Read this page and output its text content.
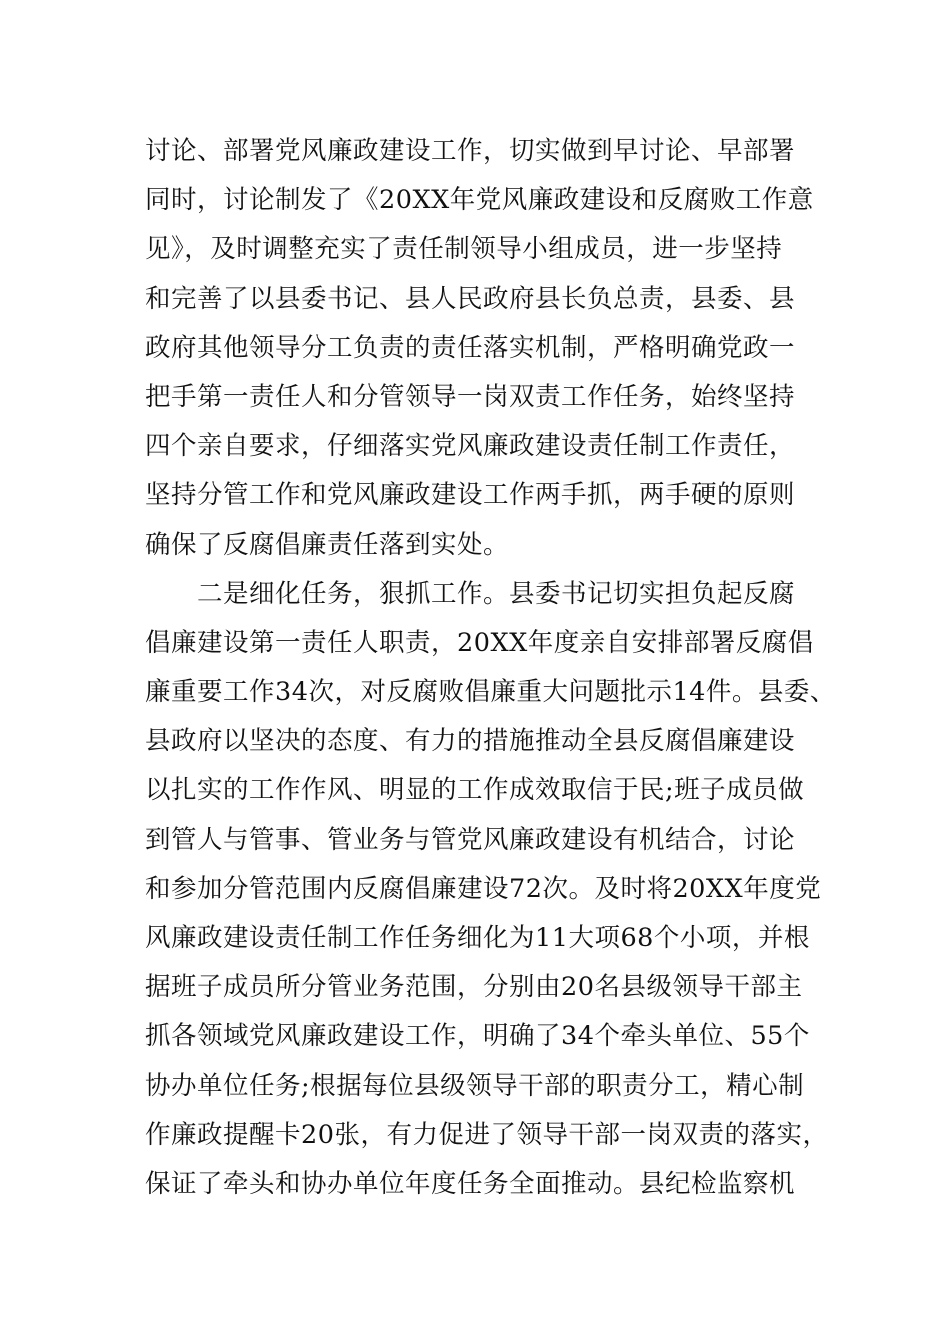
讨论、部署党风廉政建设工作，切实做到早讨论、早部署
同时，讨论制发了《20XX年党风廉政建设和反腐败工作意
见》，及时调整充实了责任制领导小组成员，进一步坚持
和完善了以县委书记、县人民政府县长负总责，县委、县
政府其他领导分工负责的责任落实机制，严格明确党政一
把手第一责任人和分管领导一岗双责工作任务，始终坚持
四个亲自要求，仔细落实党风廉政建设责任制工作责任，
坚持分管工作和党风廉政建设工作两手抓，两手硬的原则
确保了反腐倡廉责任落到实处。
　　二是细化任务，狠抓工作。县委书记切实担负起反腐
倡廉建设第一责任人职责，20XX年度亲自安排部署反腐倡
廉重要工作34次，对反腐败倡廉重大问题批示14件。县委、
县政府以坚决的态度、有力的措施推动全县反腐倡廉建设
以扎实的工作作风、明显的工作成效取信于民;班子成员做
到管人与管事、管业务与管党风廉政建设有机结合，讨论
和参加分管范围内反腐倡廉建设72次。及时将20XX年度党
风廉政建设责任制工作任务细化为11大项68个小项，并根
据班子成员所分管业务范围，分别由20名县级领导干部主
抓各领域党风廉政建设工作，明确了34个牵头单位、55个
协办单位任务;根据每位县级领导干部的职责分工，精心制
作廉政提醒卡20张，有力促进了领导干部一岗双责的落实，
保证了牵头和协办单位年度任务全面推动。县纪检监察机
